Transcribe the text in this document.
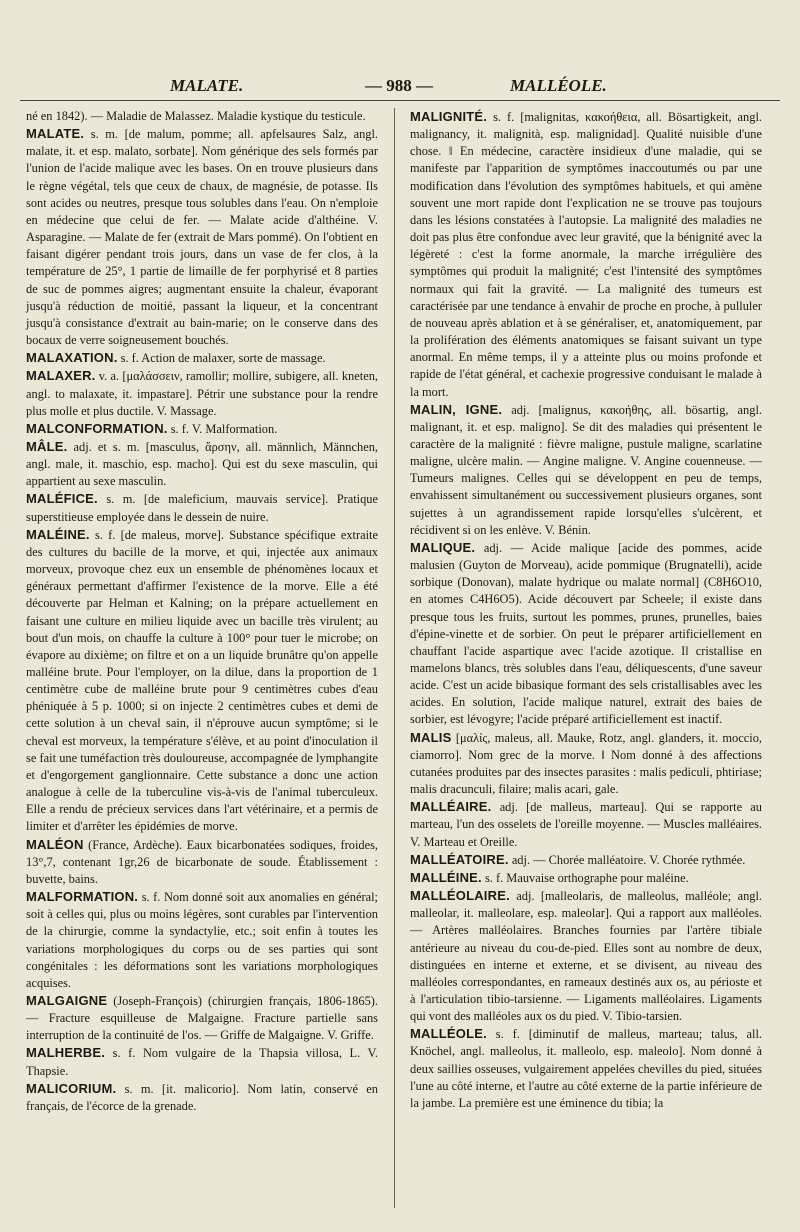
MALATE.	— 988 —	MALLÉOLE.

né en 1842). — Maladie de Malassez. Maladie kystique du testicule.

MALATE. s. m. [de malum, pomme; all. apfelsaures Salz, angl. malate, it. et esp. malato, sorbate]. Nom générique des sels formés par l'union de l'acide malique avec les bases. On en trouve plusieurs dans le règne végétal, tels que ceux de chaux, de magnésie, de potasse. Ils sont acides ou neutres, presque tous solubles dans l'eau. On n'emploie en médecine que celui de fer. — Malate acide d'althéine. V. Asparagine. — Malate de fer (extrait de Mars pommé). On l'obtient en faisant digérer pendant trois jours, dans un vase de fer clos, à la température de 25°, 1 partie de limaille de fer porphyrisé et 8 parties de suc de pommes aigres; augmentant ensuite la chaleur, évaporant jusqu'à réduction de moitié, passant la liqueur, et la concentrant jusqu'à consistance d'extrait au bain-marie; on le conserve dans des bocaux de verre soigneusement bouchés.

MALAXATION. s. f. Action de malaxer, sorte de massage.

MALAXER. v. a. [μαλάσσειν, ramollir; mollire, subigere, all. kneten, angl. to malaxate, it. impastare]. Pétrir une substance pour la rendre plus molle et plus ductile. V. Massage.

MALCONFORMATION. s. f. V. Malformation.

MÂLE. adj. et s. m. [masculus, ἄρσην, all. männlich, Männchen, angl. male, it. maschio, esp. macho]. Qui est du sexe masculin, qui appartient au sexe masculin.

MALÉFICE. s. m. [de maleficium, mauvais service]. Pratique superstitieuse employée dans le dessein de nuire.

MALÉINE. s. f. [de maleus, morve]. Substance spécifique extraite des cultures du bacille de la morve, et qui, injectée aux animaux morveux, provoque chez eux un ensemble de phénomènes locaux et généraux permettant d'affirmer l'existence de la morve. Elle a été découverte par Helman et Kalning; on la prépare actuellement en faisant une culture en milieu liquide avec un bacille très virulent; au bout d'un mois, on chauffe la culture à 100° pour tuer le microbe; on évapore au dixième; on filtre et on a un liquide brunâtre qu'on appelle malléine brute. Pour l'employer, on la dilue, dans la proportion de 1 centimètre cube de malléine brute pour 9 centimètres cubes d'eau phéniquée à 5 p. 1000; si on injecte 2 centimètres cubes et demi de cette solution à un cheval sain, il n'éprouve aucun symptôme; si le cheval est morveux, la température s'élève, et au point d'inoculation il se fait une tuméfaction très douloureuse, accompagnée de lymphangite et d'engorgement ganglionnaire. Cette substance a donc une action analogue à celle de la tuberculine vis-à-vis de l'animal tuberculeux. Elle a rendu de précieux services dans l'art vétérinaire, et a permis de limiter et d'arrêter les épidémies de morve.

MALÉON (France, Ardèche). Eaux bicarbonatées sodiques, froides, 13°,7, contenant 1gr,26 de bicarbonate de soude. Établissement : buvette, bains.

MALFORMATION. s. f. Nom donné soit aux anomalies en général; soit à celles qui, plus ou moins légères, sont curables par l'intervention de la chirurgie, comme la syndactylie, etc.; soit enfin à toutes les variations morphologiques du corps ou de ses parties qui sont congénitales : les déformations sont les variations morphologiques acquises.

MALGAIGNE (Joseph-François) (chirurgien français, 1806-1865). — Fracture esquilleuse de Malgaigne. Fracture partielle sans interruption de la continuité de l'os. — Griffe de Malgaigne. V. Griffe.

MALHERBE. s. f. Nom vulgaire de la Thapsia villosa, L. V. Thapsie.

MALICORIUM. s. m. [it. malicorio]. Nom latin, conservé en français, de l'écorce de la grenade.

MALIGNITÉ. s. f. [malignitas, κακοήθεια, all. Bösartigkeit, angl. malignancy, it. malignità, esp. malignidad]. Qualité nuisible d'une chose. ‖ En médecine, caractère insidieux d'une maladie, qui se manifeste par l'apparition de symptômes inaccoutumés ou par une modification dans l'évolution des symptômes habituels, et qui amène souvent une mort rapide dont l'explication ne se trouve pas toujours dans les lésions constatées à l'autopsie. La malignité des maladies ne doit pas plus être confondue avec leur gravité, que la bénignité avec la légèreté : c'est la forme anormale, la marche irrégulière des symptômes qui produit la malignité; c'est l'intensité des symptômes normaux qui fait la gravité. — La malignité des tumeurs est caractérisée par une tendance à envahir de proche en proche, à pulluler de nouveau après ablation et à se généraliser, et, anatomiquement, par la prolifération des éléments anatomiques se faisant suivant un type anormal. En même temps, il y a atteinte plus ou moins profonde et rapide de l'état général, et cachexie progressive conduisant le malade à la mort.

MALIN, IGNE. adj. [malignus, κακοήθης, all. bösartig, angl. malignant, it. et esp. maligno]. Se dit des maladies qui présentent le caractère de la malignité : fièvre maligne, pustule maligne, scarlatine maligne, ulcère malin. — Angine maligne. V. Angine couenneuse. — Tumeurs malignes. Celles qui se développent en peu de temps, envahissent simultanément ou successivement plusieurs organes, sont sujettes à un agrandissement rapide lorsqu'elles s'ulcèrent, et récidivent si on les enlève. V. Bénin.

MALIQUE. adj. — Acide malique [acide des pommes, acide malusien (Guyton de Morveau), acide pommique (Brugnatelli), acide sorbique (Donovan), malate hydrique ou malate normal] (C8H6O10, en atomes C4H6O5). Acide découvert par Scheele; il existe dans presque tous les fruits, surtout les pommes, prunes, prunelles, baies d'épine-vinette et de sorbier. On peut le préparer artificiellement en chauffant l'acide aspartique avec l'acide azotique. Il cristallise en mamelons blancs, très solubles dans l'eau, déliquescents, d'une saveur acide. C'est un acide bibasique formant des sels cristallisables avec les acides. En solution, l'acide malique naturel, extrait des baies de sorbier, est lévogyre; l'acide préparé artificiellement est inactif.

MALIS [μαλίς, maleus, all. Mauke, Rotz, angl. glanders, it. moccio, ciamorro]. Nom grec de la morve. ‖ Nom donné à des affections cutanées produites par des insectes parasites : malis pediculi, phtiriase; malis dracunculi, filaire; malis acari, gale.

MALLÉAIRE. adj. [de malleus, marteau]. Qui se rapporte au marteau, l'un des osselets de l'oreille moyenne. — Muscles malléaires. V. Marteau et Oreille.

MALLÉATOIRE. adj. — Chorée malléatoire. V. Chorée rythmée.

MALLÉINE. s. f. Mauvaise orthographe pour maléine.

MALLÉOLAIRE. adj. [malleolaris, de malleolus, malléole; angl. malleolar, it. malleolare, esp. maleolar]. Qui a rapport aux malléoles. — Artères malléolaires. Branches fournies par l'artère tibiale antérieure au niveau du cou-de-pied. Elles sont au nombre de deux, distinguées en interne et externe, et se divisent, au niveau des malléoles correspondantes, en rameaux destinés aux os, au périoste et à l'articulation tibio-tarsienne. — Ligaments malléolaires. Ligaments qui vont des malléoles aux os du pied. V. Tibio-tarsien.

MALLÉOLE. s. f. [diminutif de malleus, marteau; talus, all. Knöchel, angl. malleolus, it. malleolo, esp. maleolo]. Nom donné à deux saillies osseuses, vulgairement appelées chevilles du pied, situées l'une au côté interne, et l'autre au côté externe de la partie inférieure de la jambe. La première est une éminence du tibia; la
